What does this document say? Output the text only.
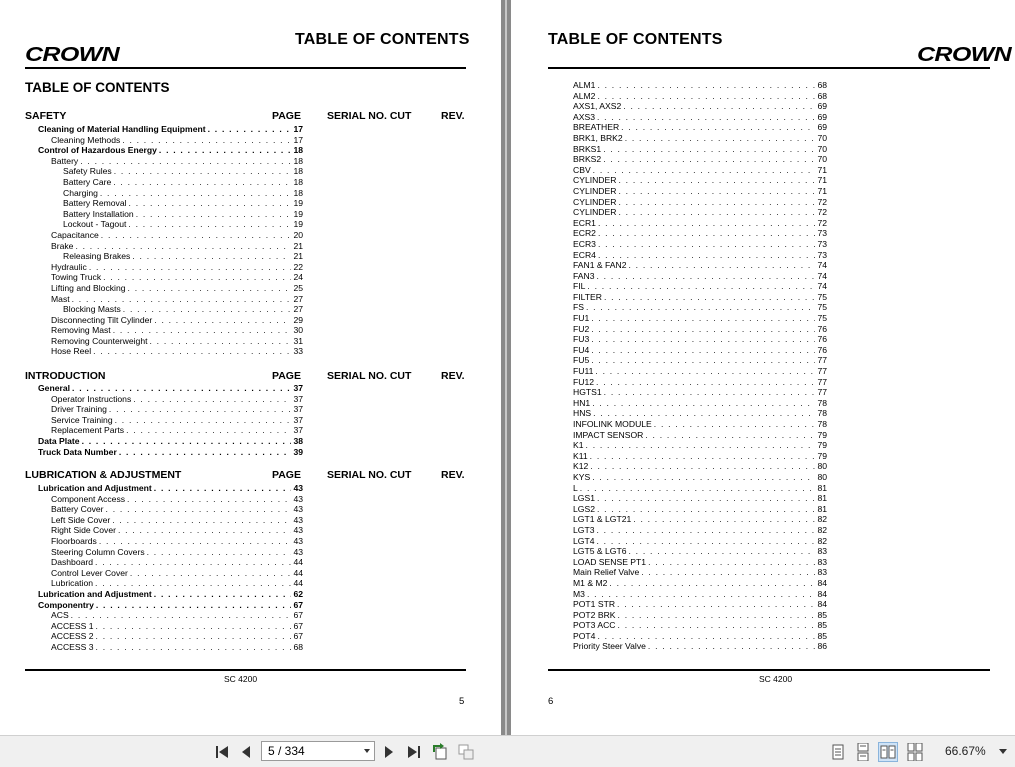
CROWN
TABLE OF CONTENTS
TABLE OF CONTENTS
SAFETY	PAGE SERIAL NO. CUT	REV.
Cleaning of Material Handling Equipment . . .	17
Cleaning Methods . . .	17
Control of Hazardous Energy . . .	18
Battery . . .	18
Safety Rules . . .	18
Battery Care . . .	18
Charging . . .	18
Battery Removal . . .	19
Battery Installation . . .	19
Lockout - Tagout . . .	19
Capacitance . . .	20
Brake . . .	21
Releasing Brakes . . .	21
Hydraulic . . .	22
Towing Truck . . .	24
Lifting and Blocking . . .	25
Mast . . .	27
Blocking Masts . . .	27
Disconnecting Tilt Cylinder . . .	29
Removing Mast . . .	30
Removing Counterweight . . .	31
Hose Reel . . .	33
INTRODUCTION	PAGE SERIAL NO. CUT	REV.
General . . .	37
Operator Instructions . . .	37
Driver Training . . .	37
Service Training . . .	37
Replacement Parts . . .	37
Data Plate . . .	38
Truck Data Number . . .	39
LUBRICATION & ADJUSTMENT	PAGE SERIAL NO. CUT	REV.
Lubrication and Adjustment . . .	43
Component Access . . .	43
Battery Cover . . .	43
Left Side Cover . . .	43
Right Side Cover . . .	43
Floorboards . . .	43
Steering Column Covers . . .	43
Dashboard . . .	44
Control Lever Cover . . .	44
Lubrication . . .	44
Lubrication and Adjustment . . .	62
Componentry . . .	67
ACS . . .	67
ACCESS 1 . . .	67
ACCESS 2 . . .	67
ACCESS 3 . . .	68
SC 4200
5
TABLE OF CONTENTS
CROWN
ALM1 . . .	68
ALM2 . . .	68
AXS1, AXS2 . . .	69
AXS3 . . .	69
BREATHER . . .	69
BRK1, BRK2 . . .	70
BRKS1 . . .	70
BRKS2 . . .	70
CBV . . .	71
CYLINDER . . .	71
CYLINDER . . .	71
CYLINDER . . .	72
CYLINDER . . .	72
ECR1 . . .	72
ECR2 . . .	73
ECR3 . . .	73
ECR4 . . .	73
FAN1 & FAN2 . . .	74
FAN3 . . .	74
FIL . . .	74
FILTER . . .	75
FS . . .	75
FU1 . . .	75
FU2 . . .	76
FU3 . . .	76
FU4 . . .	76
FU5 . . .	77
FU11 . . .	77
FU12 . . .	77
HGTS1 . . .	77
HN1 . . .	78
HNS . . .	78
INFOLINK MODULE . . .	78
IMPACT SENSOR . . .	79
K1 . . .	79
K11 . . .	79
K12 . . .	80
KYS . . .	80
L . . .	81
LGS1 . . .	81
LGS2 . . .	81
LGT1 & LGT21 . . .	82
LGT3 . . .	82
LGT4 . . .	82
LGT5 & LGT6 . . .	83
LOAD SENSE PT1 . . .	83
Main Relief Valve . . .	83
M1 & M2 . . .	84
M3 . . .	84
POT1 STR . . .	84
POT2 BRK . . .	85
POT3 ACC . . .	85
POT4 . . .	85
Priority Steer Valve . . .	86
SC 4200
6
5 / 334	66.67%
